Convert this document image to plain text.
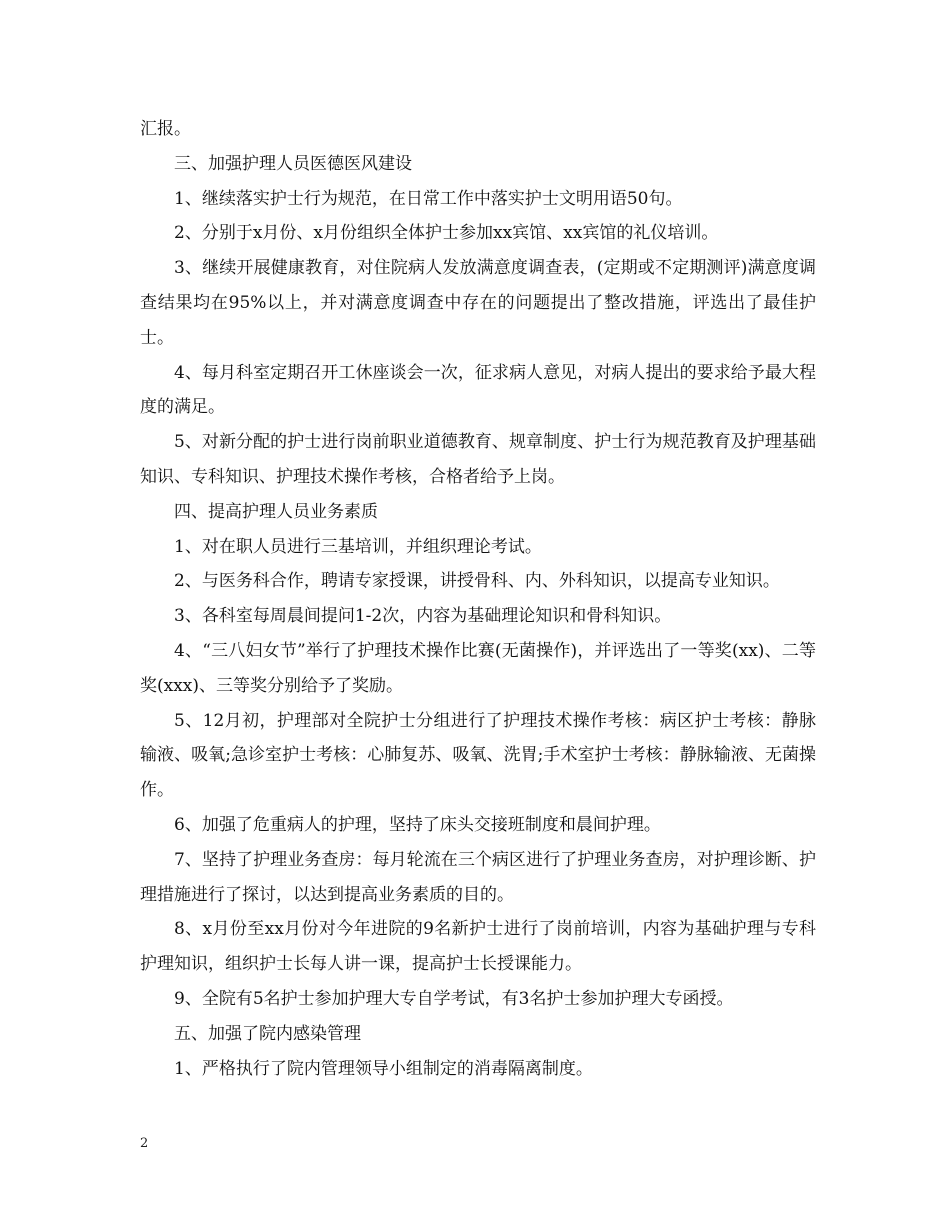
汇报。

三、加强护理人员医德医风建设

1、继续落实护士行为规范，在日常工作中落实护士文明用语50句。

2、分别于x月份、x月份组织全体护士参加xx宾馆、xx宾馆的礼仪培训。

3、继续开展健康教育，对住院病人发放满意度调查表，(定期或不定期测评)满意度调查结果均在95%以上，并对满意度调查中存在的问题提出了整改措施，评选出了最佳护士。

4、每月科室定期召开工休座谈会一次，征求病人意见，对病人提出的要求给予最大程度的满足。

5、对新分配的护士进行岗前职业道德教育、规章制度、护士行为规范教育及护理基础知识、专科知识、护理技术操作考核，合格者给予上岗。

四、提高护理人员业务素质

1、对在职人员进行三基培训，并组织理论考试。

2、与医务科合作，聘请专家授课，讲授骨科、内、外科知识，以提高专业知识。

3、各科室每周晨间提问1-2次，内容为基础理论知识和骨科知识。

4、“三八妇女节”举行了护理技术操作比赛(无菌操作)，并评选出了一等奖(xx)、二等奖(xxx)、三等奖分别给予了奖励。

5、12月初，护理部对全院护士分组进行了护理技术操作考核：病区护士考核：静脉输液、吸氧;急诊室护士考核：心肺复苏、吸氧、洗胃;手术室护士考核：静脉输液、无菌操作。

6、加强了危重病人的护理，坚持了床头交接班制度和晨间护理。

7、坚持了护理业务查房：每月轮流在三个病区进行了护理业务查房，对护理诊断、护理措施进行了探讨，以达到提高业务素质的目的。

8、x月份至xx月份对今年进院的9名新护士进行了岗前培训，内容为基础护理与专科护理知识，组织护士长每人讲一课，提高护士长授课能力。

9、全院有5名护士参加护理大专自学考试，有3名护士参加护理大专函授。

五、加强了院内感染管理

1、严格执行了院内管理领导小组制定的消毒隔离制度。

2
